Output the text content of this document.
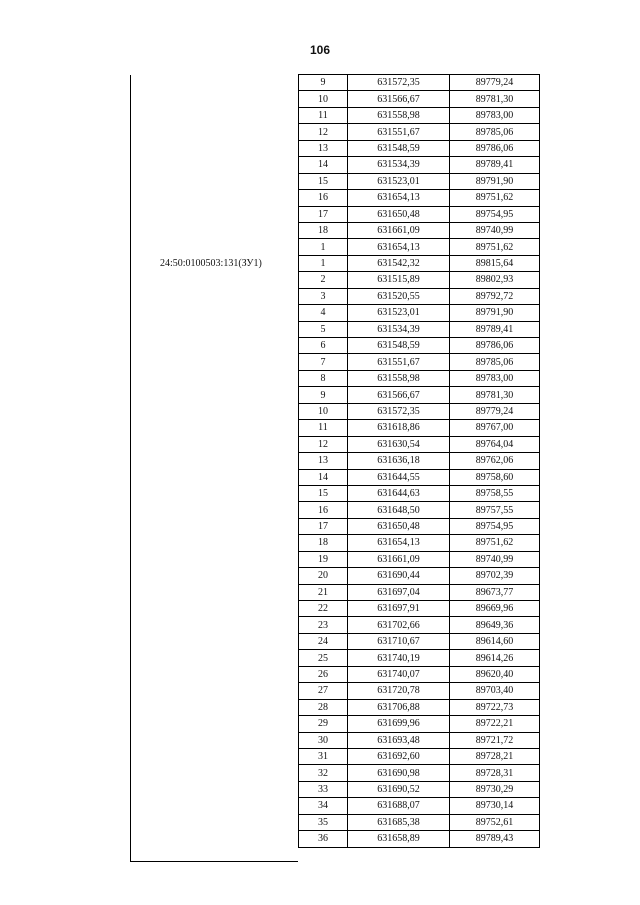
106
24:50:0100503:131(ЗУ1)
9	631572,35	89779,24
10	631566,67	89781,30
11	631558,98	89783,00
12	631551,67	89785,06
13	631548,59	89786,06
14	631534,39	89789,41
15	631523,01	89791,90
16	631654,13	89751,62
17	631650,48	89754,95
18	631661,09	89740,99
1	631654,13	89751,62
1	631542,32	89815,64
2	631515,89	89802,93
3	631520,55	89792,72
4	631523,01	89791,90
5	631534,39	89789,41
6	631548,59	89786,06
7	631551,67	89785,06
8	631558,98	89783,00
9	631566,67	89781,30
10	631572,35	89779,24
11	631618,86	89767,00
12	631630,54	89764,04
13	631636,18	89762,06
14	631644,55	89758,60
15	631644,63	89758,55
16	631648,50	89757,55
17	631650,48	89754,95
18	631654,13	89751,62
19	631661,09	89740,99
20	631690,44	89702,39
21	631697,04	89673,77
22	631697,91	89669,96
23	631702,66	89649,36
24	631710,67	89614,60
25	631740,19	89614,26
26	631740,07	89620,40
27	631720,78	89703,40
28	631706,88	89722,73
29	631699,96	89722,21
30	631693,48	89721,72
31	631692,60	89728,21
32	631690,98	89728,31
33	631690,52	89730,29
34	631688,07	89730,14
35	631685,38	89752,61
36	631658,89	89789,43
